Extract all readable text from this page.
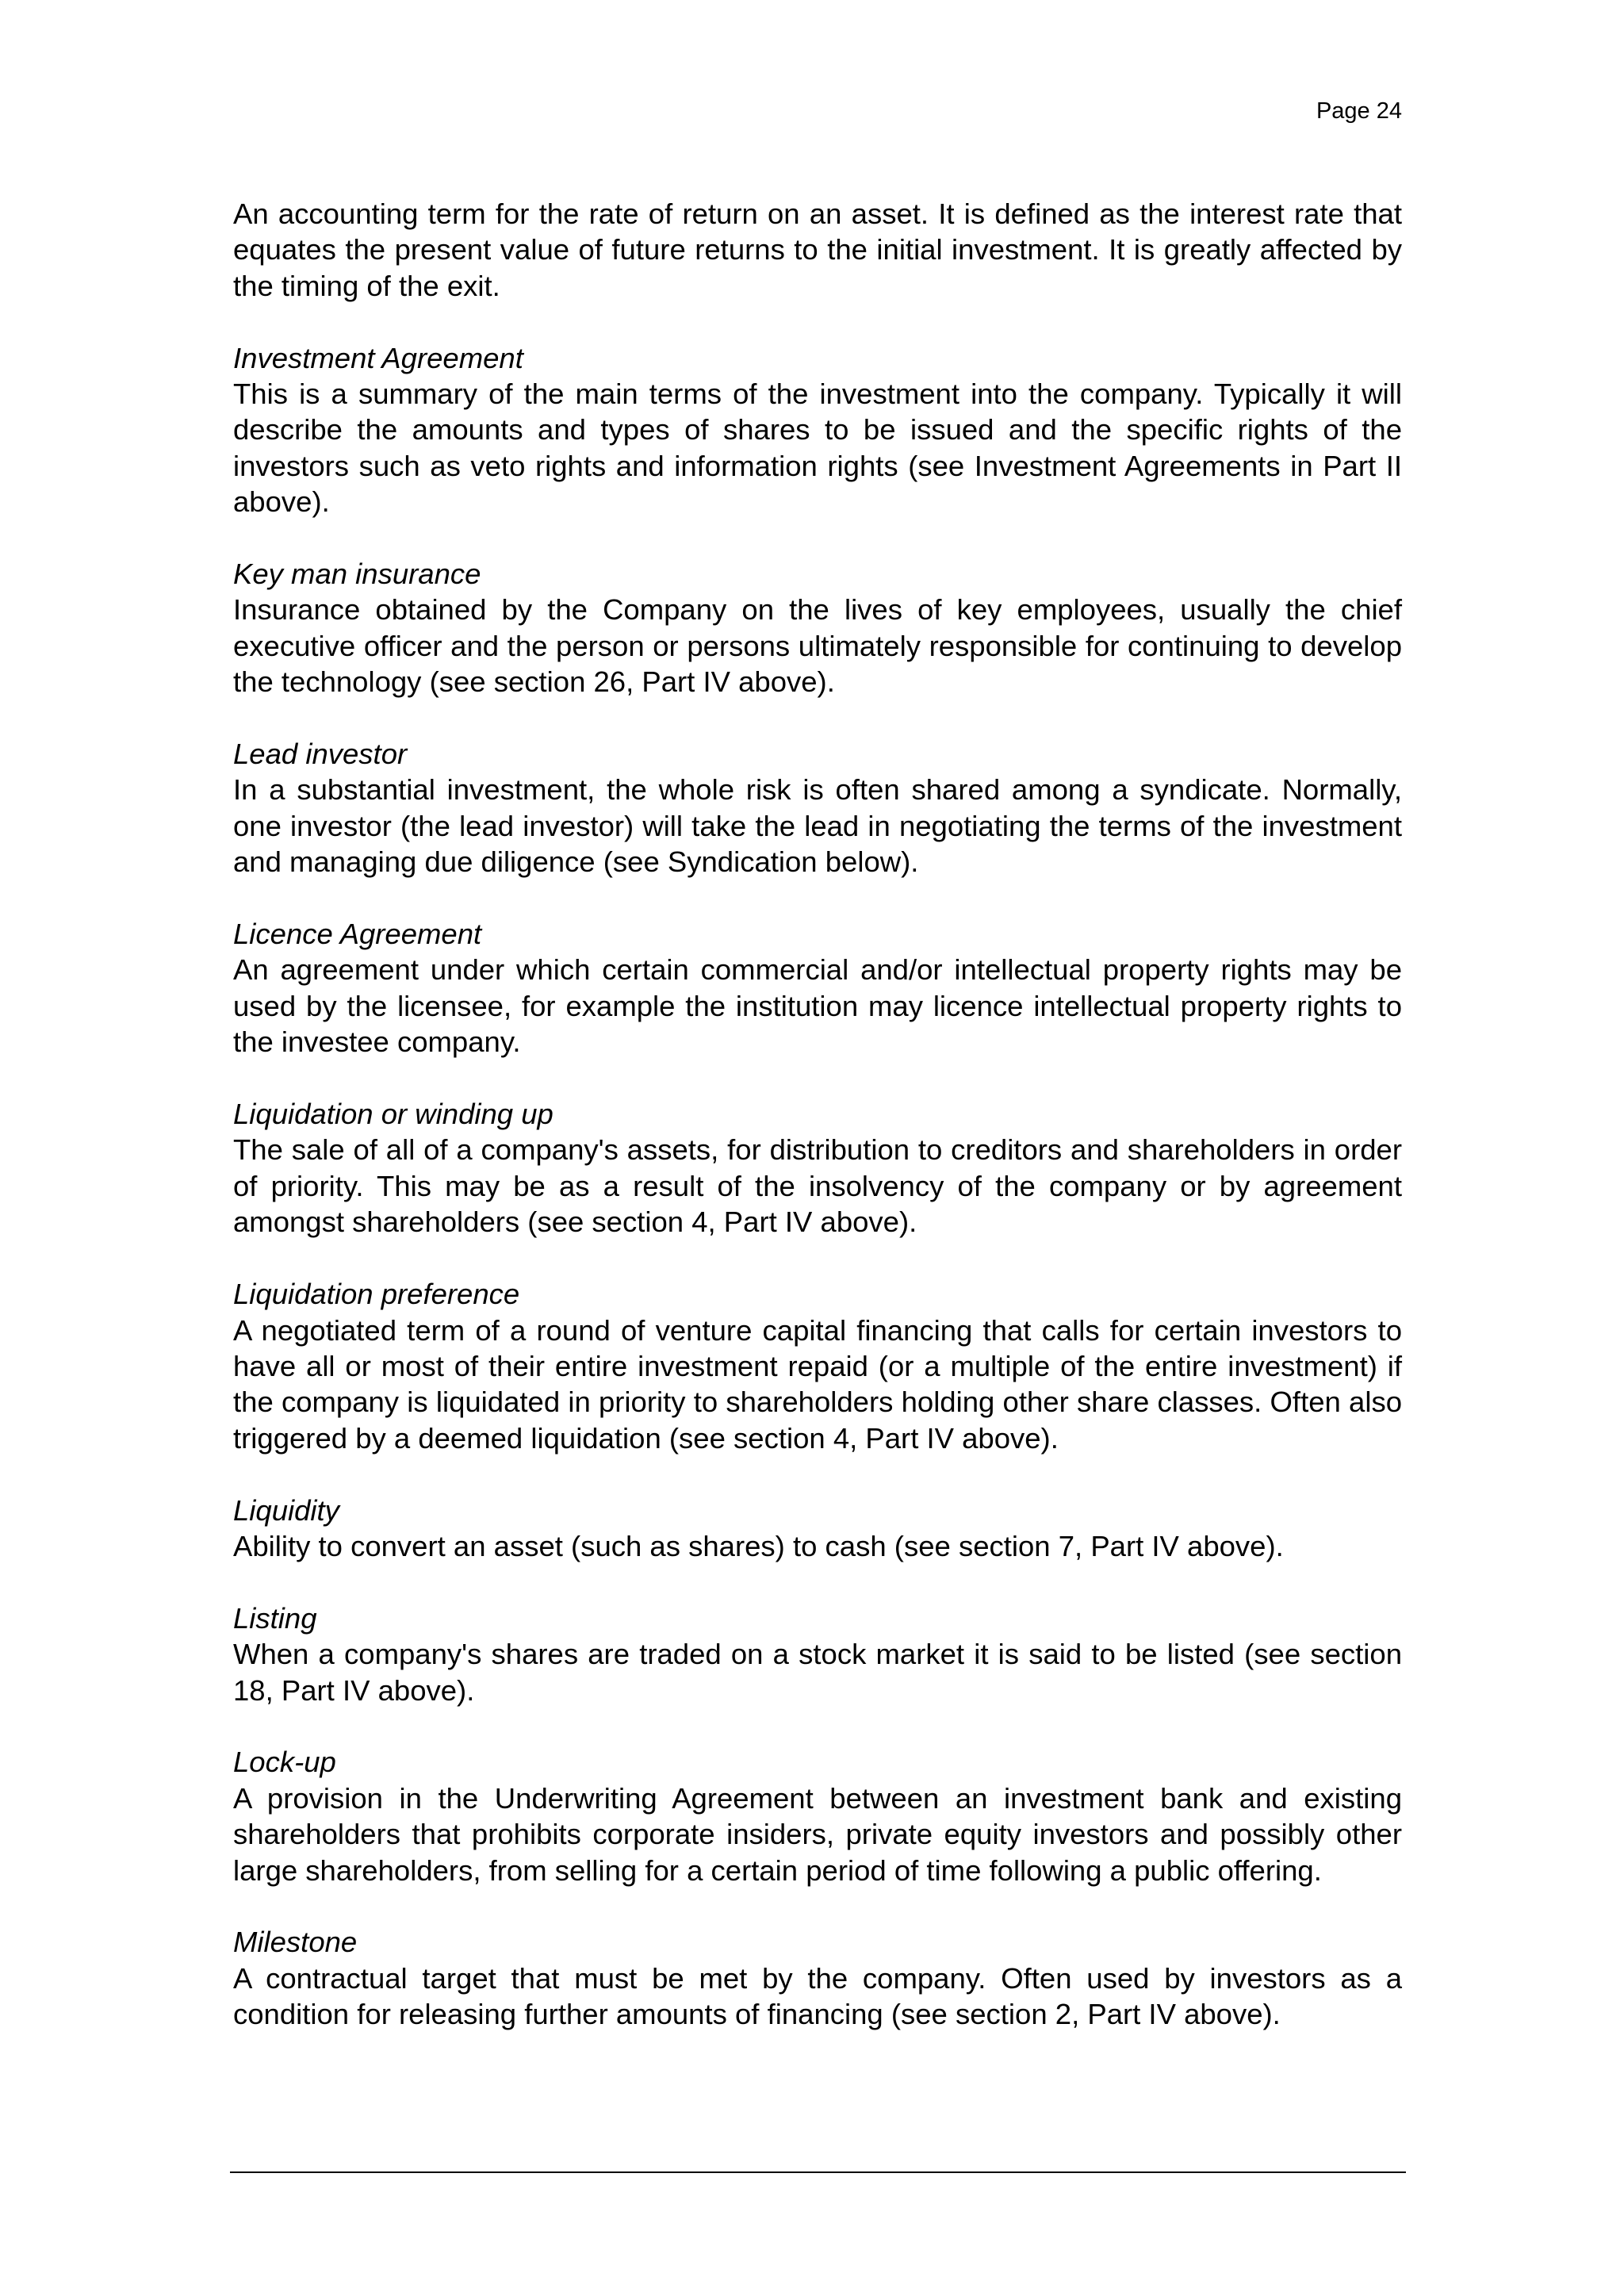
Page 24

An accounting term for the rate of return on an asset. It is defined as the interest rate that equates the present value of future returns to the initial investment. It is greatly affected by the timing of the exit.

Investment Agreement

This is a summary of the main terms of the investment into the company. Typically it will describe the amounts and types of shares to be issued and the specific rights of the investors such as veto rights and information rights (see Investment Agreements in Part II above).

Key man insurance

Insurance obtained by the Company on the lives of key employees, usually the chief executive officer and the person or persons ultimately responsible for continuing to develop the technology (see section 26, Part IV above).

Lead investor

In a substantial investment, the whole risk is often shared among a syndicate. Normally, one investor (the lead investor) will take the lead in negotiating the terms of the investment and managing due diligence (see Syndication below).

Licence Agreement

An agreement under which certain commercial and/or intellectual property rights may be used by the licensee, for example the institution may licence intellectual property rights to the investee company.

Liquidation or winding up

The sale of all of a company's assets, for distribution to creditors and shareholders in order of priority. This may be as a result of the insolvency of the company or by agreement amongst shareholders (see section 4, Part IV above).

Liquidation preference

A negotiated term of a round of venture capital financing that calls for certain investors to have all or most of their entire investment repaid (or a multiple of the entire investment) if the company is liquidated in priority to shareholders holding other share classes. Often also triggered by a deemed liquidation (see section 4, Part IV above).

Liquidity

Ability to convert an asset (such as shares) to cash (see section 7, Part IV above).

Listing

When a company's shares are traded on a stock market it is said to be listed (see section 18, Part IV above).

Lock-up

A provision in the Underwriting Agreement between an investment bank and existing shareholders that prohibits corporate insiders, private equity investors and possibly other large shareholders, from selling for a certain period of time following a public offering.

Milestone

A contractual target that must be met by the company. Often used by investors as a condition for releasing further amounts of financing (see section 2, Part IV above).
